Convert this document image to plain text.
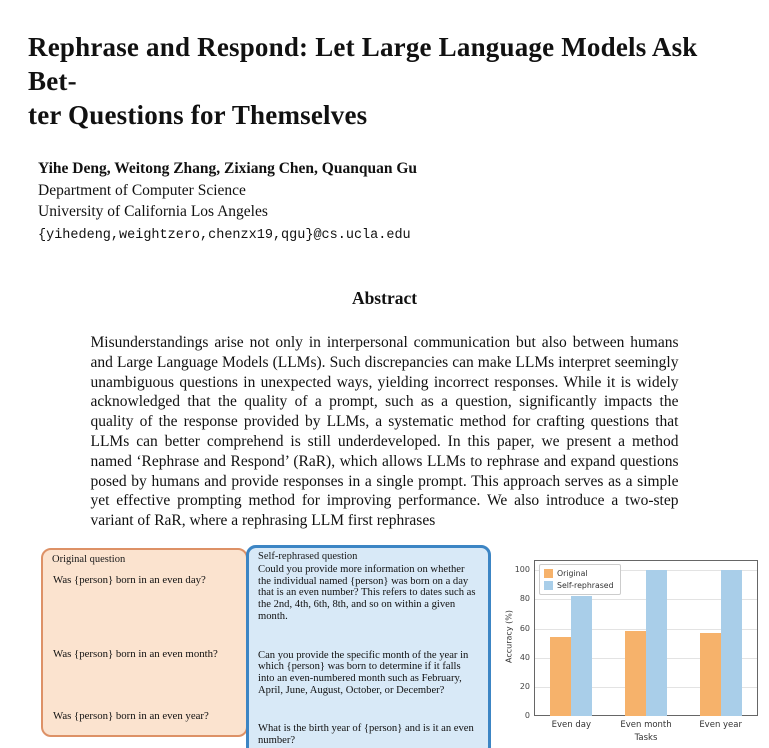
Rephrase and Respond: Let Large Language Models Ask Bet-
ter Questions for Themselves
Yihe Deng, Weitong Zhang, Zixiang Chen, Quanquan Gu
Department of Computer Science
University of California Los Angeles
{yihedeng,weightzero,chenzx19,qgu}@cs.ucla.edu
Abstract
Misunderstandings arise not only in interpersonal communication but also between humans and Large Language Models (LLMs). Such discrepancies can make LLMs interpret seemingly unambiguous questions in unexpected ways, yielding incorrect responses. While it is widely acknowledged that the quality of a prompt, such as a question, significantly impacts the quality of the response provided by LLMs, a systematic method for crafting questions that LLMs can better comprehend is still underdeveloped. In this paper, we present a method named ‘Rephrase and Respond’ (RaR), which allows LLMs to rephrase and expand questions posed by humans and provide responses in a single prompt. This approach serves as a simple yet effective prompting method for improving performance. We also introduce a two-step variant of RaR, where a rephrasing LLM first rephrases
Original question
Was {person} born in an even day?
Was {person} born in an even month?
Was {person} born in an even year?
Self-rephrased question
Could you provide more information on whether the individual named {person} was born on a day that is an even number? This refers to dates such as the 2nd, 4th, 6th, 8th, and so on within a given month.
Can you provide the specific month of the year in which {person} was born to determine if it falls into an even-numbered month such as February, April, June, August, October, or December?
What is the birth year of {person} and is it an even number?
0
20
40
60
80
100
Even day	Even month	Even year
Tasks
Accuracy (%)
Original
Self-rephrased
